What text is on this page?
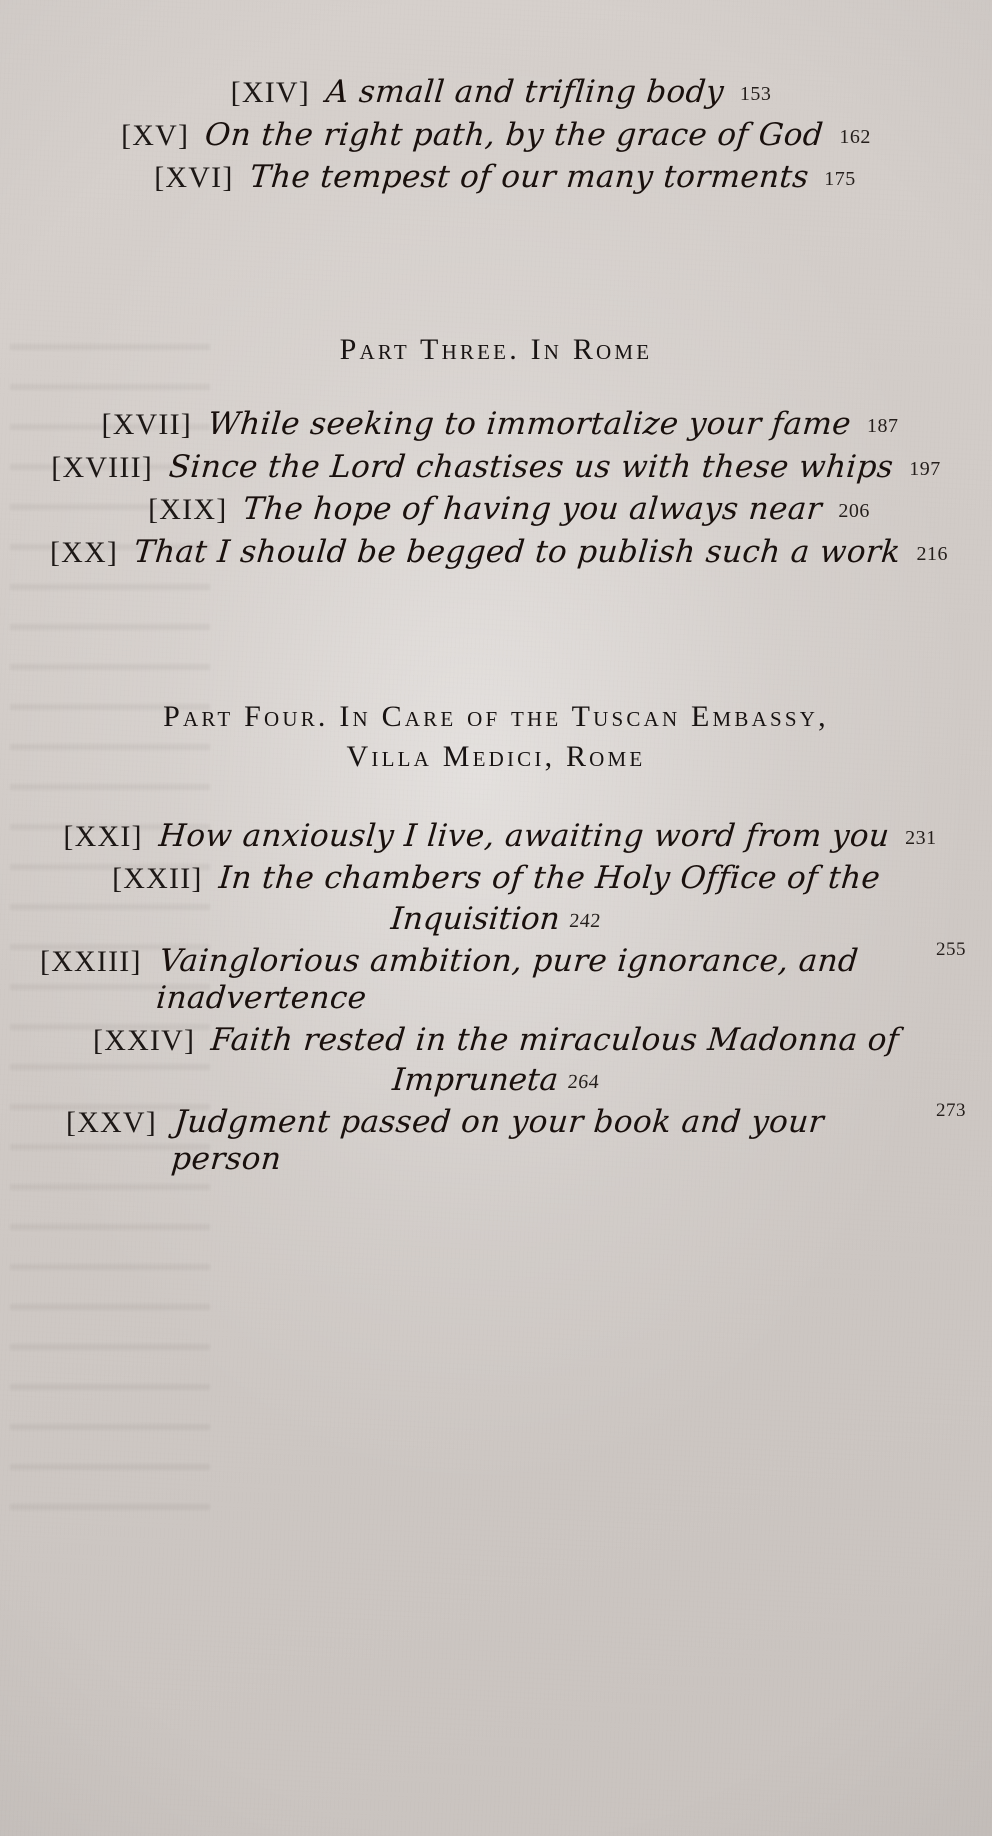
[XIV] A small and trifling body 153
[XV] On the right path, by the grace of God 162
[XVI] The tempest of our many torments 175
Part Three. In Rome
[XVII] While seeking to immortalize your fame 187
[XVIII] Since the Lord chastises us with these whips 197
[XIX] The hope of having you always near 206
[XX] That I should be begged to publish such a work 216
Part Four. In Care of the Tuscan Embassy,
Villa Medici, Rome
[XXI] How anxiously I live, awaiting word from you 231
[XXII] In the chambers of the Holy Office of the
Inquisition 242
[XXIII] Vainglorious ambition, pure ignorance, and inadvertence
255
[XXIV] Faith rested in the miraculous Madonna of
Impruneta 264
[XXV] Judgment passed on your book and your person
273
